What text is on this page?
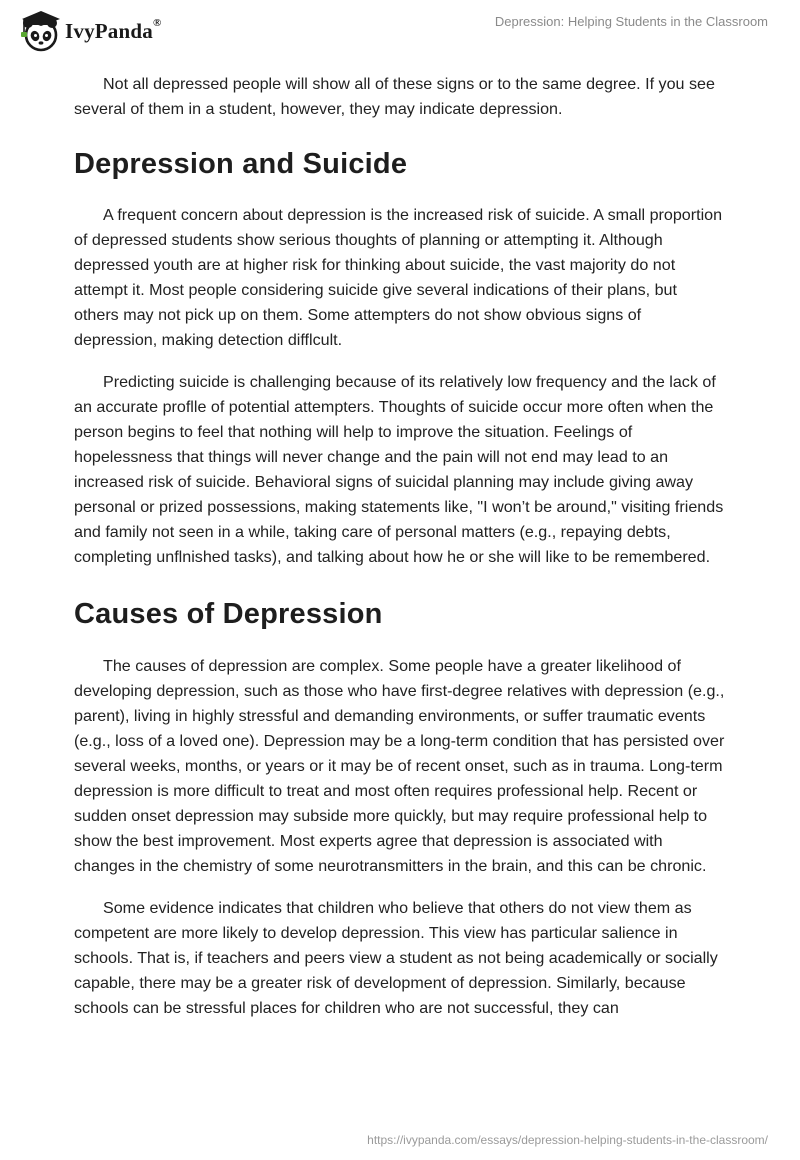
IvyPanda®	Depression: Helping Students in the Classroom

Not all depressed people will show all of these signs or to the same degree. If you see several of them in a student, however, they may indicate depression.

Depression and Suicide

A frequent concern about depression is the increased risk of suicide. A small proportion of depressed students show serious thoughts of planning or attempting it. Although depressed youth are at higher risk for thinking about suicide, the vast majority do not attempt it. Most people considering suicide give several indications of their plans, but others may not pick up on them. Some attempters do not show obvious signs of depression, making detection difflcult.

Predicting suicide is challenging because of its relatively low frequency and the lack of an accurate proflle of potential attempters. Thoughts of suicide occur more often when the person begins to feel that nothing will help to improve the situation. Feelings of hopelessness that things will never change and the pain will not end may lead to an increased risk of suicide. Behavioral signs of suicidal planning may include giving away personal or prized possessions, making statements like, "I won’t be around," visiting friends and family not seen in a while, taking care of personal matters (e.g., repaying debts, completing unflnished tasks), and talking about how he or she will like to be remembered.

Causes of Depression

The causes of depression are complex. Some people have a greater likelihood of developing depression, such as those who have first-degree relatives with depression (e.g., parent), living in highly stressful and demanding environments, or suffer traumatic events (e.g., loss of a loved one). Depression may be a long-term condition that has persisted over several weeks, months, or years or it may be of recent onset, such as in trauma. Long-term depression is more difficult to treat and most often requires professional help. Recent or sudden onset depression may subside more quickly, but may require professional help to show the best improvement. Most experts agree that depression is associated with changes in the chemistry of some neurotransmitters in the brain, and this can be chronic.

Some evidence indicates that children who believe that others do not view them as competent are more likely to develop depression. This view has particular salience in schools. That is, if teachers and peers view a student as not being academically or socially capable, there may be a greater risk of development of depression. Similarly, because schools can be stressful places for children who are not successful, they can

https://ivypanda.com/essays/depression-helping-students-in-the-classroom/
